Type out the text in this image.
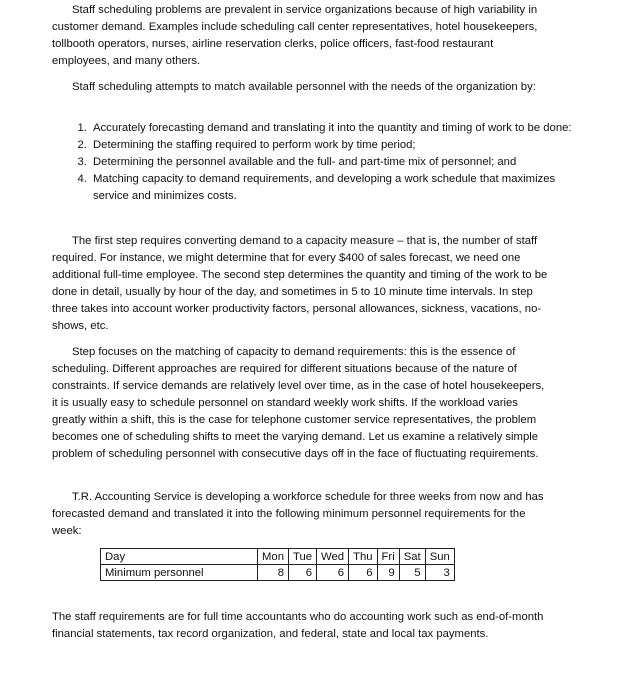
Staff scheduling problems are prevalent in service organizations because of high variability in customer demand. Examples include scheduling call center representatives, hotel housekeepers, tollbooth operators, nurses, airline reservation clerks, police officers, fast-food restaurant employees, and many others.

Staff scheduling attempts to match available personnel with the needs of the organization by:

1. Accurately forecasting demand and translating it into the quantity and timing of work to be done:
2. Determining the staffing required to perform work by time period;
3. Determining the personnel available and the full- and part-time mix of personnel; and
4. Matching capacity to demand requirements, and developing a work schedule that maximizes service and minimizes costs.

The first step requires converting demand to a capacity measure – that is, the number of staff required. For instance, we might determine that for every $400 of sales forecast, we need one additional full-time employee. The second step determines the quantity and timing of the work to be done in detail, usually by hour of the day, and sometimes in 5 to 10 minute time intervals. In step three takes into account worker productivity factors, personal allowances, sickness, vacations, no-shows, etc.

Step focuses on the matching of capacity to demand requirements: this is the essence of scheduling. Different approaches are required for different situations because of the nature of constraints. If service demands are relatively level over time, as in the case of hotel housekeepers, it is usually easy to schedule personnel on standard weekly work shifts. If the workload varies greatly within a shift, this is the case for telephone customer service representatives, the problem becomes one of scheduling shifts to meet the varying demand. Let us examine a relatively simple problem of scheduling personnel with consecutive days off in the face of fluctuating requirements.

T.R. Accounting Service is developing a workforce schedule for three weeks from now and has forecasted demand and translated it into the following minimum personnel requirements for the week:

Day	Mon	Tue	Wed	Thu	Fri	Sat	Sun
Minimum personnel	8	6	6	6	9	5	3

The staff requirements are for full time accountants who do accounting work such as end-of-month financial statements, tax record organization, and federal, state and local tax payments.
